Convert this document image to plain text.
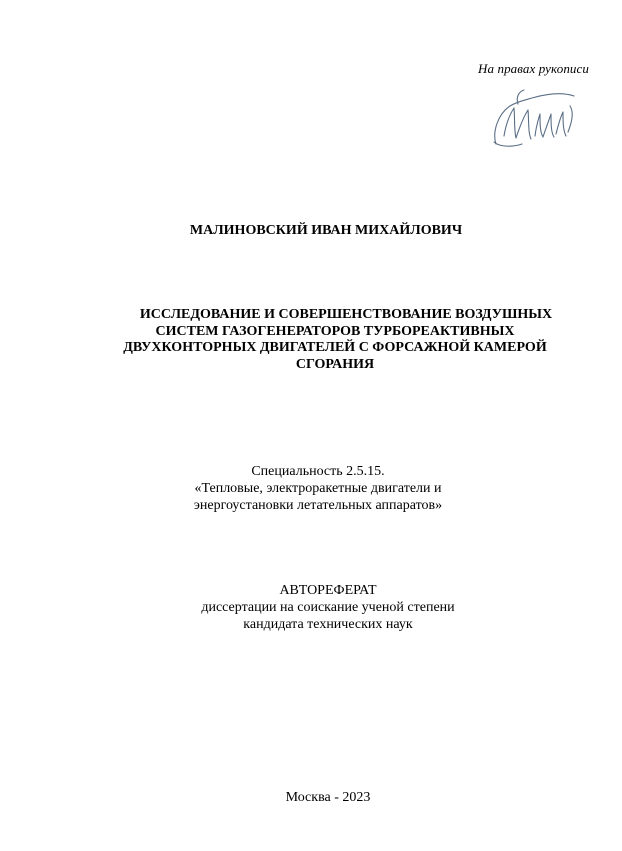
На правах рукописи
МАЛИНОВСКИЙ ИВАН МИХАЙЛОВИЧ
ИССЛЕДОВАНИЕ И СОВЕРШЕНСТВОВАНИЕ ВОЗДУШНЫХ
СИСТЕМ ГАЗОГЕНЕРАТОРОВ ТУРБОРЕАКТИВНЫХ
ДВУХКОНТОРНЫХ ДВИГАТЕЛЕЙ С ФОРСАЖНОЙ КАМЕРОЙ
СГОРАНИЯ
Специальность 2.5.15.
«Тепловые, электроракетные двигатели и
энергоустановки летательных аппаратов»
АВТОРЕФЕРАТ
диссертации на соискание ученой степени
кандидата технических наук
Москва - 2023
